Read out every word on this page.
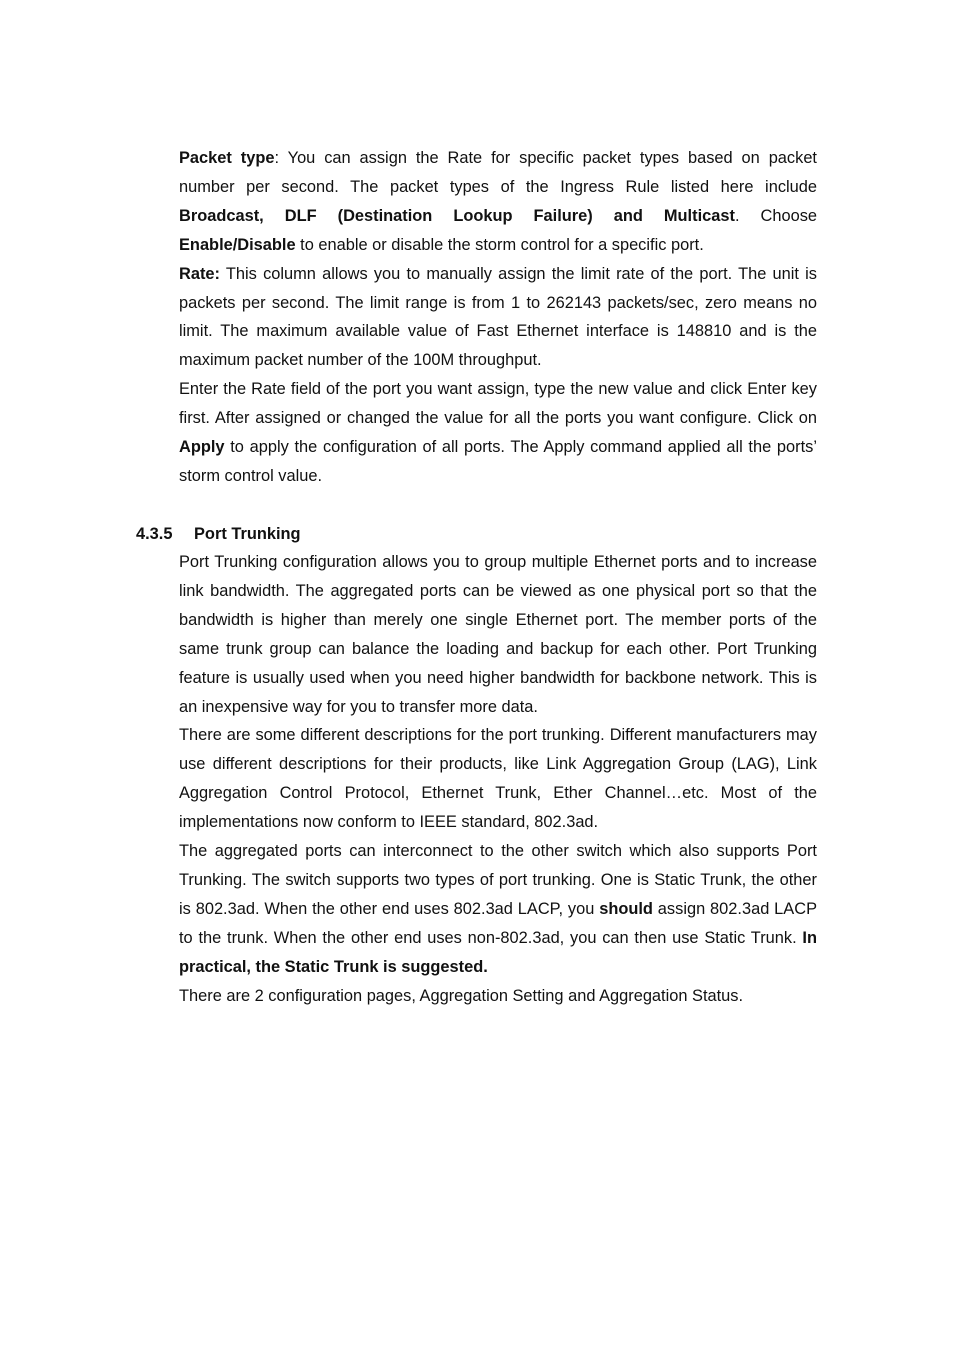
Packet type: You can assign the Rate for specific packet types based on packet number per second. The packet types of the Ingress Rule listed here include Broadcast, DLF (Destination Lookup Failure) and Multicast. Choose Enable/Disable to enable or disable the storm control for a specific port.

Rate: This column allows you to manually assign the limit rate of the port. The unit is packets per second. The limit range is from 1 to 262143 packets/sec, zero means no limit. The maximum available value of Fast Ethernet interface is 148810 and is the maximum packet number of the 100M throughput.

Enter the Rate field of the port you want assign, type the new value and click Enter key first. After assigned or changed the value for all the ports you want configure. Click on Apply to apply the configuration of all ports. The Apply command applied all the ports’ storm control value.

4.3.5 Port Trunking

Port Trunking configuration allows you to group multiple Ethernet ports and to increase link bandwidth. The aggregated ports can be viewed as one physical port so that the bandwidth is higher than merely one single Ethernet port. The member ports of the same trunk group can balance the loading and backup for each other. Port Trunking feature is usually used when you need higher bandwidth for backbone network. This is an inexpensive way for you to transfer more data.

There are some different descriptions for the port trunking. Different manufacturers may use different descriptions for their products, like Link Aggregation Group (LAG), Link Aggregation Control Protocol, Ethernet Trunk, Ether Channel…etc. Most of the implementations now conform to IEEE standard, 802.3ad.

The aggregated ports can interconnect to the other switch which also supports Port Trunking. The switch supports two types of port trunking. One is Static Trunk, the other is 802.3ad. When the other end uses 802.3ad LACP, you should assign 802.3ad LACP to the trunk. When the other end uses non-802.3ad, you can then use Static Trunk. In practical, the Static Trunk is suggested.

There are 2 configuration pages, Aggregation Setting and Aggregation Status.
